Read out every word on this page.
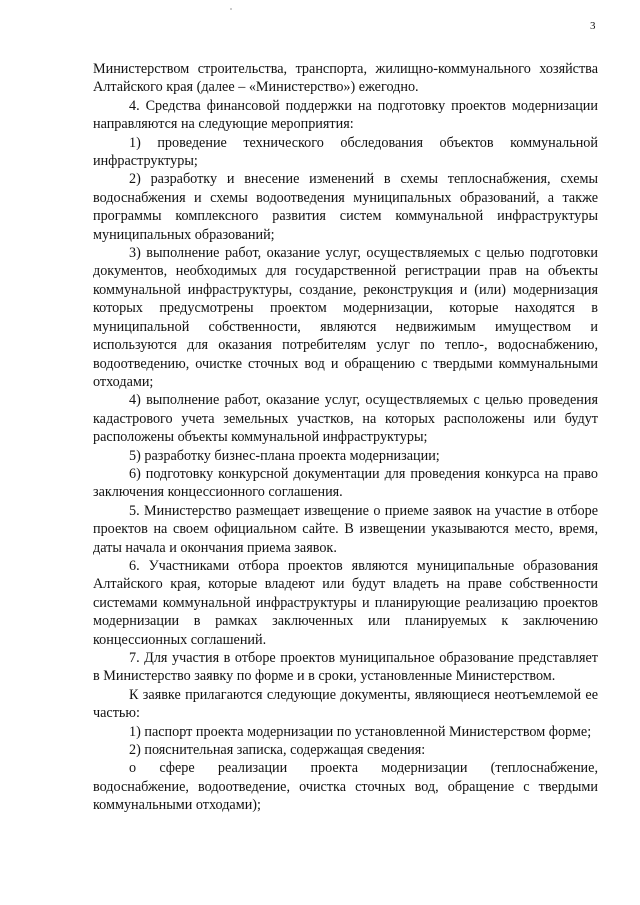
3

Министерством строительства, транспорта, жилищно-коммунального хозяйства Алтайского края (далее – «Министерство») ежегодно.

4. Средства финансовой поддержки на подготовку проектов модернизации направляются на следующие мероприятия:

1) проведение технического обследования объектов коммунальной инфраструктуры;

2) разработку и внесение изменений в схемы теплоснабжения, схемы водоснабжения и схемы водоотведения муниципальных образований, а также программы комплексного развития систем коммунальной инфраструктуры муниципальных образований;

3) выполнение работ, оказание услуг, осуществляемых с целью подготовки документов, необходимых для государственной регистрации прав на объекты коммунальной инфраструктуры, создание, реконструкция и (или) модернизация которых предусмотрены проектом модернизации, которые находятся в муниципальной собственности, являются недвижимым имуществом и используются для оказания потребителям услуг по тепло-, водоснабжению, водоотведению, очистке сточных вод и обращению с твердыми коммунальными отходами;

4) выполнение работ, оказание услуг, осуществляемых с целью проведения кадастрового учета земельных участков, на которых расположены или будут расположены объекты коммунальной инфраструктуры;

5) разработку бизнес-плана проекта модернизации;

6) подготовку конкурсной документации для проведения конкурса на право заключения концессионного соглашения.

5. Министерство размещает извещение о приеме заявок на участие в отборе проектов на своем официальном сайте. В извещении указываются место, время, даты начала и окончания приема заявок.

6. Участниками отбора проектов являются муниципальные образования Алтайского края, которые владеют или будут владеть на праве собственности системами коммунальной инфраструктуры и планирующие реализацию проектов модернизации в рамках заключенных или планируемых к заключению концессионных соглашений.

7. Для участия в отборе проектов муниципальное образование представляет в Министерство заявку по форме и в сроки, установленные Министерством.

К заявке прилагаются следующие документы, являющиеся неотъемлемой ее частью:

1) паспорт проекта модернизации по установленной Министерством форме;

2) пояснительная записка, содержащая сведения:

о сфере реализации проекта модернизации (теплоснабжение, водоснабжение, водоотведение, очистка сточных вод, обращение с твердыми коммунальными отходами);
